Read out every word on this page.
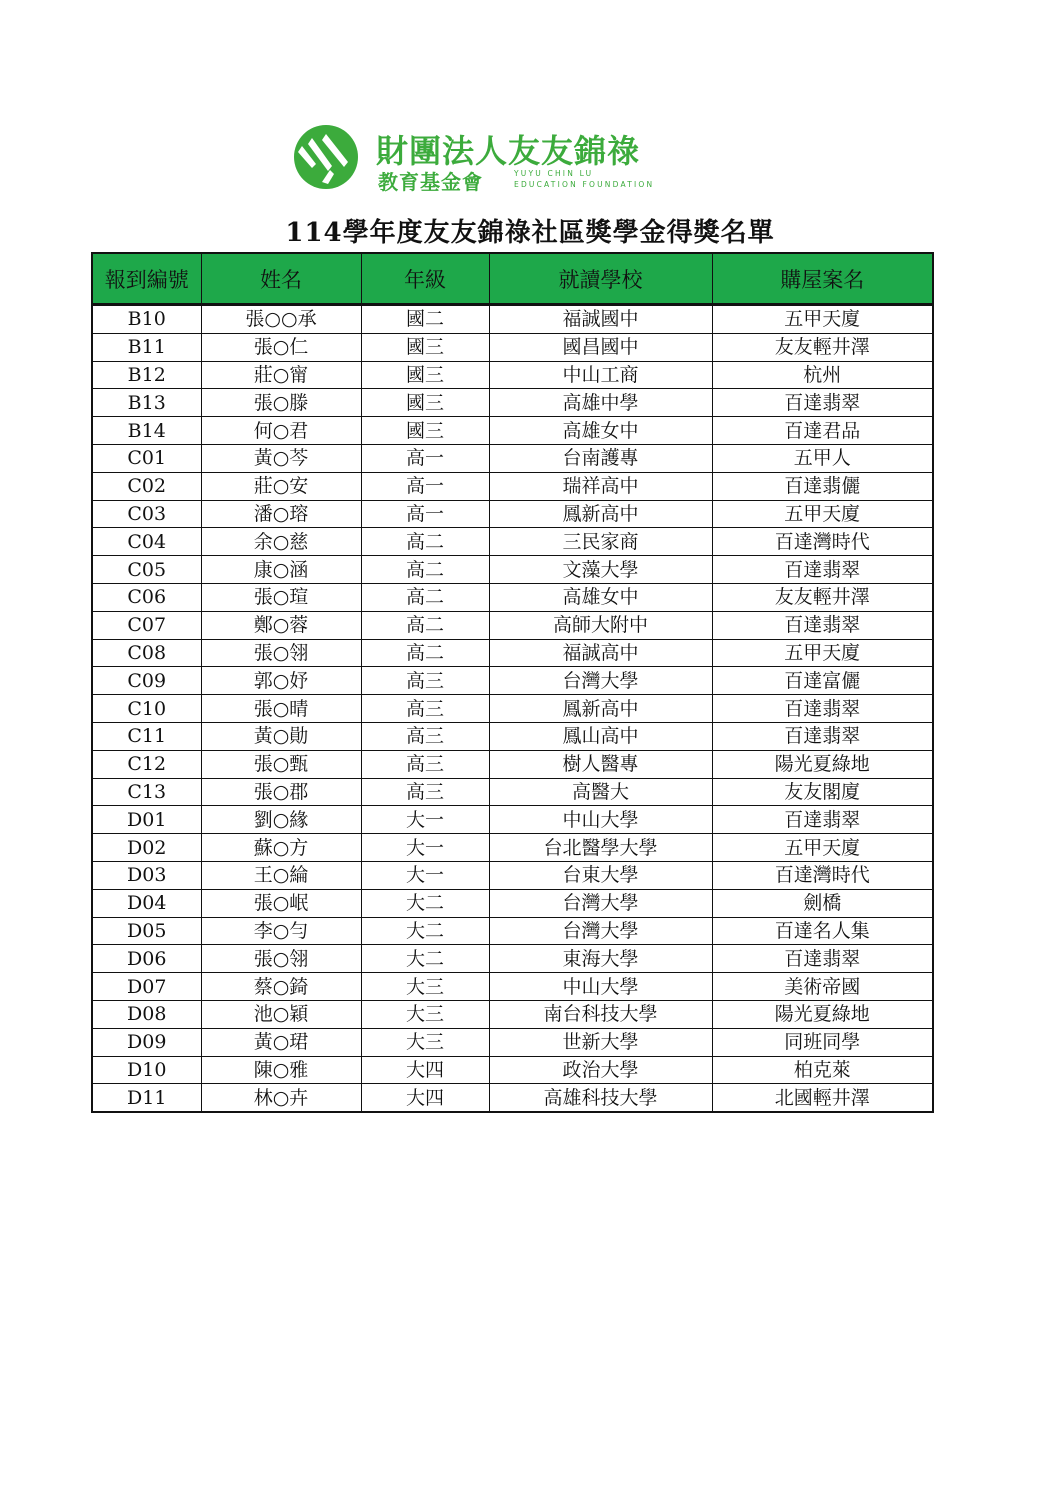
財團法人友友錦祿
教育基金會	YUYU CHIN LU
EDUCATION FOUNDATION
114學年度友友錦祿社區獎學金得獎名單
報到編號	姓名	年級	就讀學校	購屋案名
B10	張○○承	國二	福誠國中	五甲天廈
B11	張○仁	國三	國昌國中	友友輕井澤
B12	莊○甯	國三	中山工商	杭州
B13	張○滕	國三	高雄中學	百達翡翠
B14	何○君	國三	高雄女中	百達君品
C01	黃○芩	高一	台南護專	五甲人
C02	莊○安	高一	瑞祥高中	百達翡儷
C03	潘○瑢	高一	鳳新高中	五甲天廈
C04	余○慈	高二	三民家商	百達灣時代
C05	康○涵	高二	文藻大學	百達翡翠
C06	張○瑄	高二	高雄女中	友友輕井澤
C07	鄭○蓉	高二	高師大附中	百達翡翠
C08	張○翎	高二	福誠高中	五甲天廈
C09	郭○妤	高三	台灣大學	百達富儷
C10	張○晴	高三	鳳新高中	百達翡翠
C11	黃○勛	高三	鳳山高中	百達翡翠
C12	張○甄	高三	樹人醫專	陽光夏綠地
C13	張○郡	高三	高醫大	友友閣廈
D01	劉○緣	大一	中山大學	百達翡翠
D02	蘇○方	大一	台北醫學大學	五甲天廈
D03	王○綸	大一	台東大學	百達灣時代
D04	張○岷	大二	台灣大學	劍橋
D05	李○勻	大二	台灣大學	百達名人集
D06	張○翎	大二	東海大學	百達翡翠
D07	蔡○錡	大三	中山大學	美術帝國
D08	池○穎	大三	南台科技大學	陽光夏綠地
D09	黃○珺	大三	世新大學	同班同學
D10	陳○雅	大四	政治大學	柏克萊
D11	林○卉	大四	高雄科技大學	北國輕井澤
